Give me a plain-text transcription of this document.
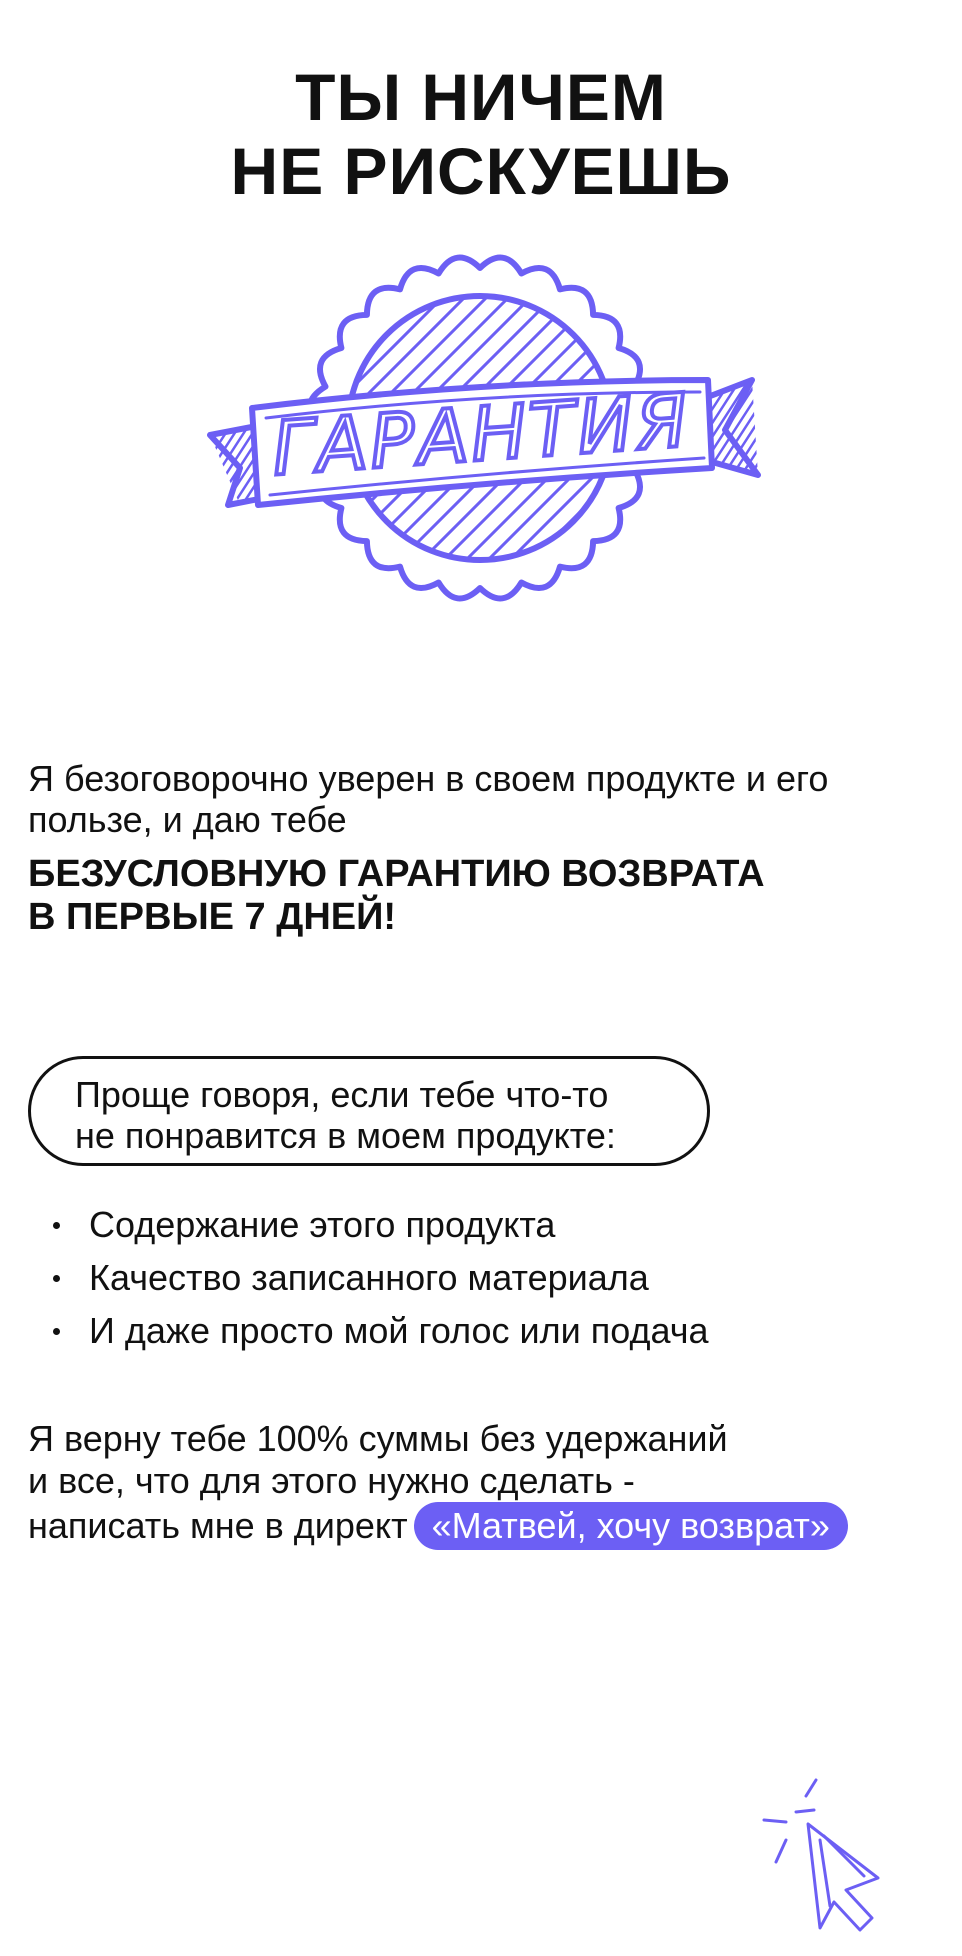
ТЫ НИЧЕМ
НЕ РИСКУЕШЬ
ГАРАНТИЯ

Я безоговорочно уверен в своем продукте и его пользе, и даю тебе

БЕЗУСЛОВНУЮ ГАРАНТИЮ ВОЗВРАТА
В ПЕРВЫЕ 7 ДНЕЙ!
Проще говоря, если тебе что-то
не понравится в моем продукте:
Содержание этого продукта
Качество записанного материала
И даже просто мой голос или подача
Я верну тебе 100% суммы без удержаний
и все, что для этого нужно сделать -
написать мне в директ «Матвей, хочу возврат»
